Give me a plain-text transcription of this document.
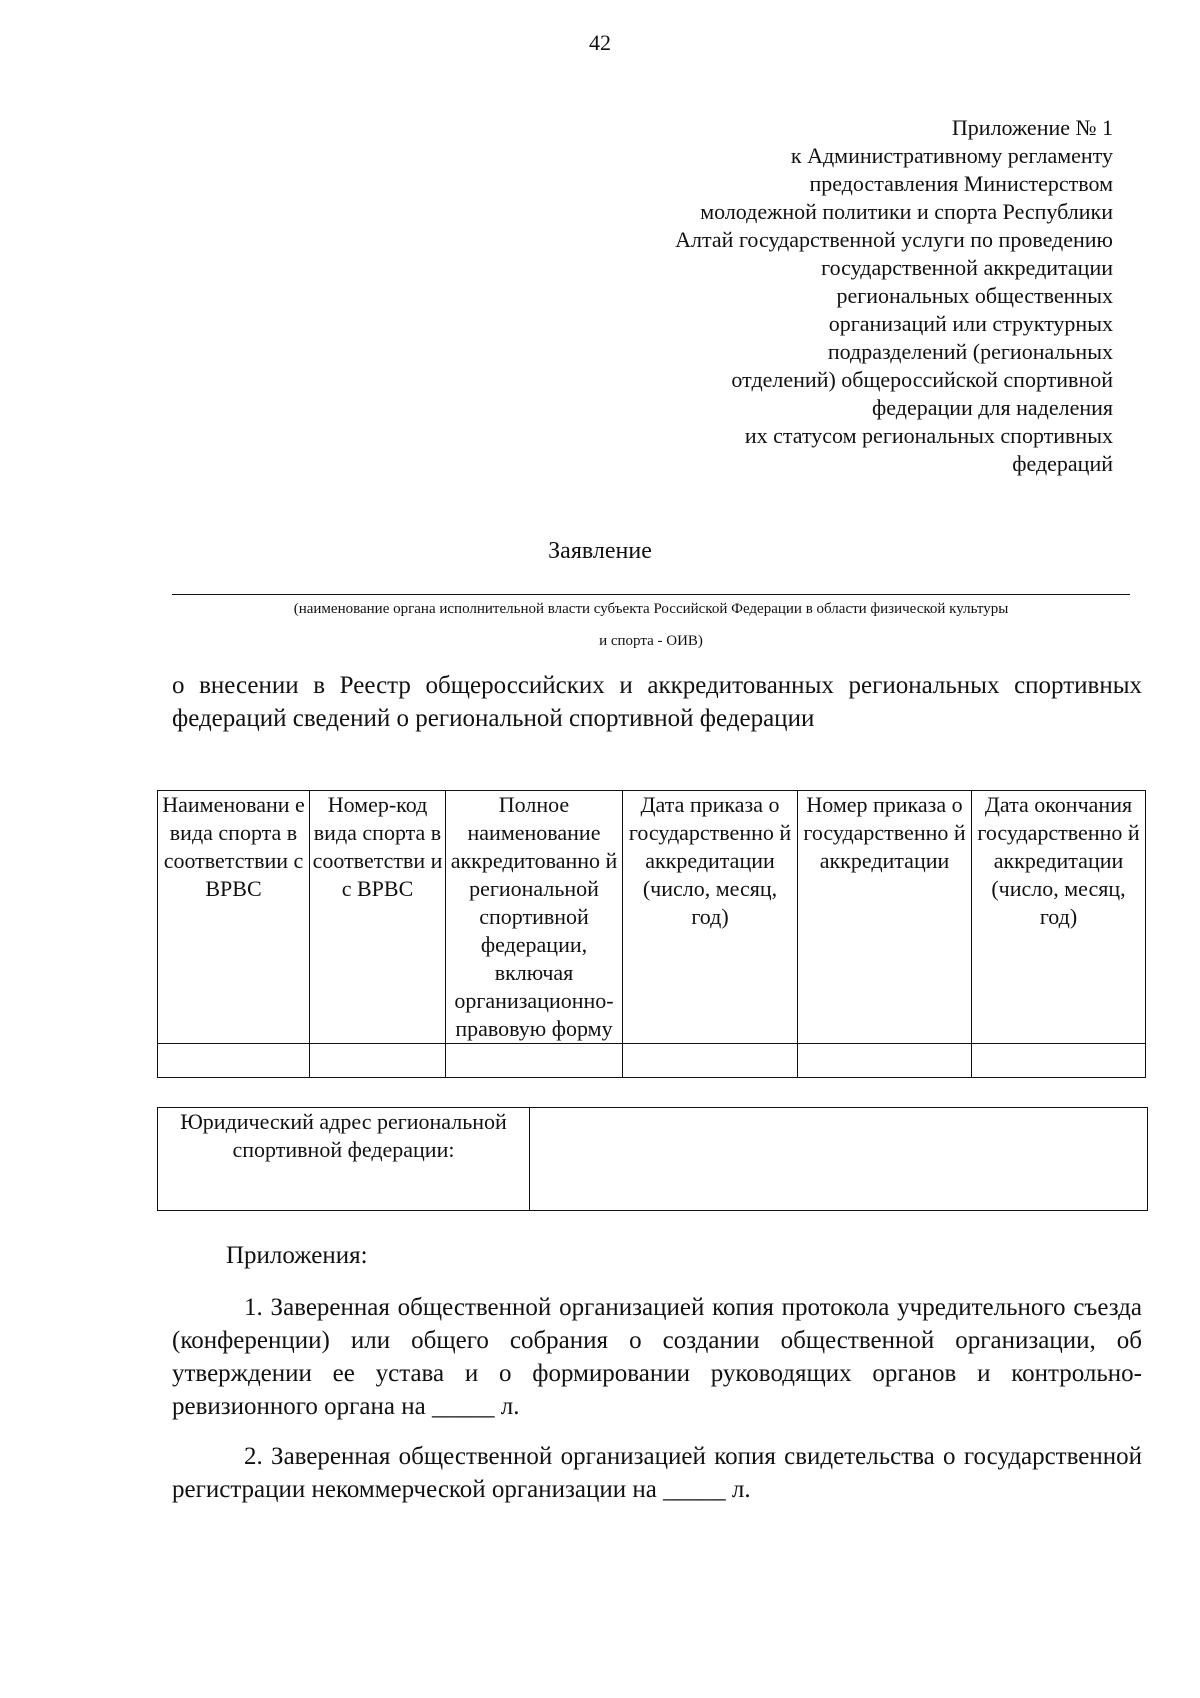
42
Приложение № 1
к Административному регламенту
предоставления Министерством
молодежной политики и спорта Республики
Алтай государственной услуги по проведению
государственной аккредитации
региональных общественных
организаций или структурных
подразделений (региональных
отделений) общероссийской спортивной
федерации для наделения
их статусом региональных спортивных
федераций
Заявление
(наименование органа исполнительной власти субъекта Российской Федерации в области физической культуры
и спорта - ОИВ)
о внесении в Реестр общероссийских и аккредитованных региональных спортивных федераций сведений о региональной спортивной федерации
Наименовани е вида спорта в соответствии с ВРВС	Номер-код вида спорта в соответстви и с ВРВС	Полное наименование аккредитованно й региональной спортивной федерации, включая организационно-правовую форму	Дата приказа о государственно й аккредитации (число, месяц, год)	Номер приказа о государственно й аккредитации	Дата окончания государственно й аккредитации (число, месяц, год)

Юридический адрес региональной спортивной федерации:	
Приложения:
1. Заверенная общественной организацией копия протокола учредительного съезда (конференции) или общего собрания о создании общественной организации, об утверждении ее устава и о формировании руководящих органов и контрольно-ревизионного органа на _____ л.
2. Заверенная общественной организацией копия свидетельства о государственной регистрации некоммерческой организации на _____ л.
